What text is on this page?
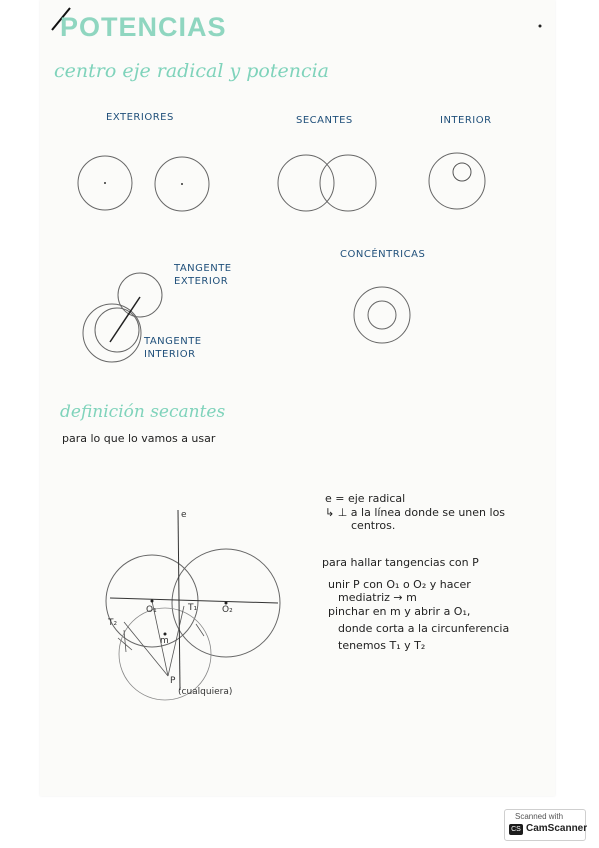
POTENCIAS
centro eje radical y potencia
EXTERIORES	SECANTES	INTERIOR
CONCÉNTRICAS
TANGENTE
EXTERIOR
TANGENTE
INTERIOR
definición secantes
para lo que lo vamos a usar
e
O₁	O₂
T₁
T₂
m
P
(cualquiera)
e = eje radical
↳ ⊥ a la línea donde se unen los
centros.
para hallar tangencias con P
unir P con O₁ o O₂ y hacer
mediatriz → m
pinchar en m y abrir a O₁,
donde corta a la circunferencia
tenemos T₁ y T₂
Scanned with
CS CamScanner
